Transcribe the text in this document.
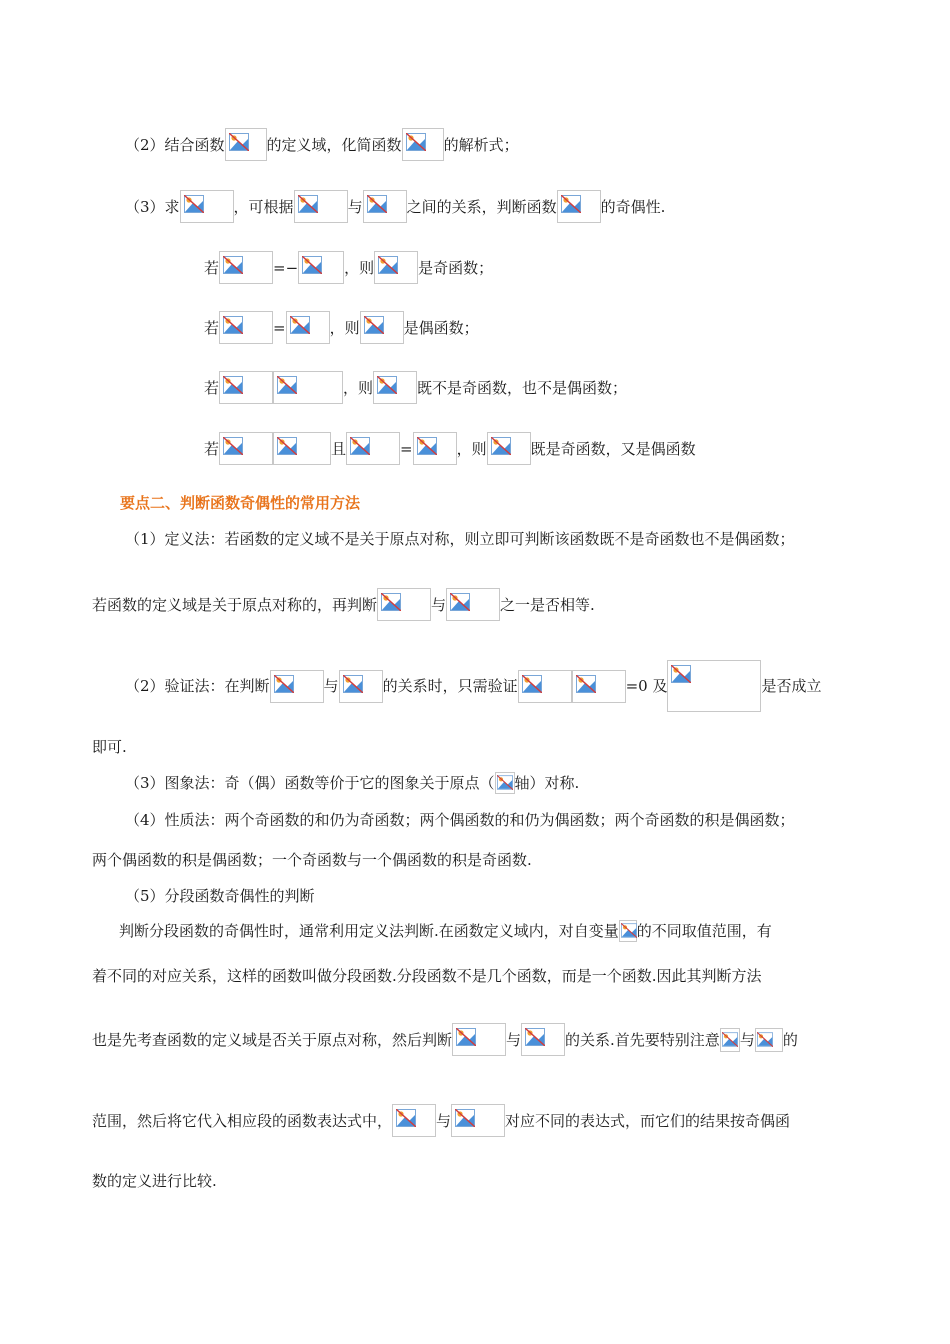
（2）结合函数	的定义域，化简函数	的解析式；
（3）求	，可根据	与	之间的关系，判断函数	的奇偶性.
若	=−	，则	是奇函数；
若	=	，则	是偶函数；
若	，则	既不是奇函数，也不是偶函数；
若	且	=	，则	既是奇函数，又是偶函数
要点二、判断函数奇偶性的常用方法
（1）定义法：若函数的定义域不是关于原点对称，则立即可判断该函数既不是奇函数也不是偶函数；
若函数的定义域是关于原点对称的，再判断	与	之一是否相等.
（2）验证法：在判断	与	的关系时，只需验证	=0 及	是否成立
即可.
（3）图象法：奇（偶）函数等价于它的图象关于原点（ 轴）对称.
（4）性质法：两个奇函数的和仍为奇函数；两个偶函数的和仍为偶函数；两个奇函数的积是偶函数；
两个偶函数的积是偶函数；一个奇函数与一个偶函数的积是奇函数.
（5）分段函数奇偶性的判断
判断分段函数的奇偶性时，通常利用定义法判断.在函数定义域内，对自变量 的不同取值范围，有
着不同的对应关系，这样的函数叫做分段函数.分段函数不是几个函数，而是一个函数.因此其判断方法
也是先考查函数的定义域是否关于原点对称，然后判断	与	的关系.首先要特别注意 与 的
范围，然后将它代入相应段的函数表达式中，	与	对应不同的表达式，而它们的结果按奇偶函
数的定义进行比较.
